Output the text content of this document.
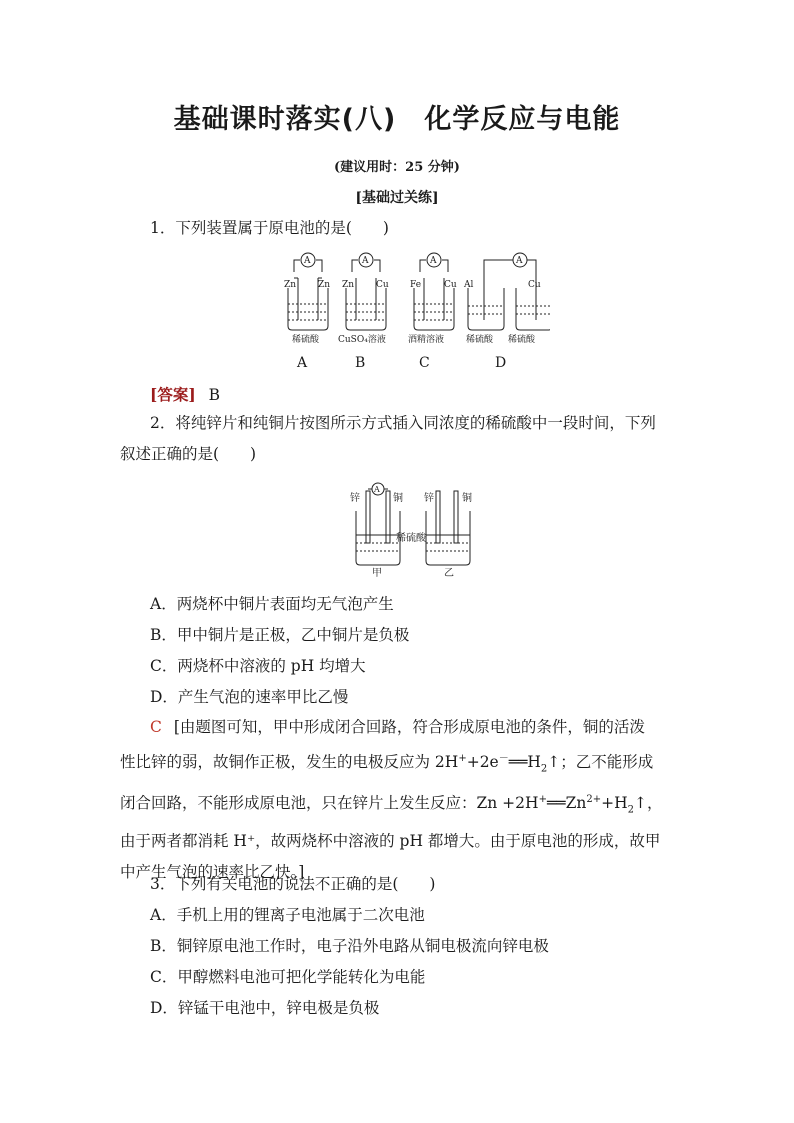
基础课时落实(八)　化学反应与电能
(建议用时：25 分钟)
[基础过关练]
1．下列装置属于原电池的是(　　)
A	A	A	A
Zn Zn Zn Cu Fe	Cu Al	Cu
稀硫酸 CuSO₄溶液 酒精溶液 稀硫酸 稀硫酸
A	B	C	D
[答案] B
2．将纯锌片和纯铜片按图所示方式插入同浓度的稀硫酸中一段时间，下列
叙述正确的是(　　)
A
锌	铜 锌	铜
稀硫酸
甲	乙
A．两烧杯中铜片表面均无气泡产生
B．甲中铜片是正极，乙中铜片是负极
C．两烧杯中溶液的 pH 均增大
D．产生气泡的速率甲比乙慢
C [由题图可知，甲中形成闭合回路，符合形成原电池的条件，铜的活泼
性比锌的弱，故铜作正极，发生的电极反应为 $2H^++2e^-══H_2↑$；乙不能形成
闭合回路，不能形成原电池，只在锌片上发生反应：$Zn +2H^+══Zn^{2+}+H_2↑$，
由于两者都消耗 H⁺，故两烧杯中溶液的 pH 都增大。由于原电池的形成，故甲
中产生气泡的速率比乙快。]
3．下列有关电池的说法不正确的是(　　)
A．手机上用的锂离子电池属于二次电池
B．铜锌原电池工作时，电子沿外电路从铜电极流向锌电极
C．甲醇燃料电池可把化学能转化为电能
D．锌锰干电池中，锌电极是负极
